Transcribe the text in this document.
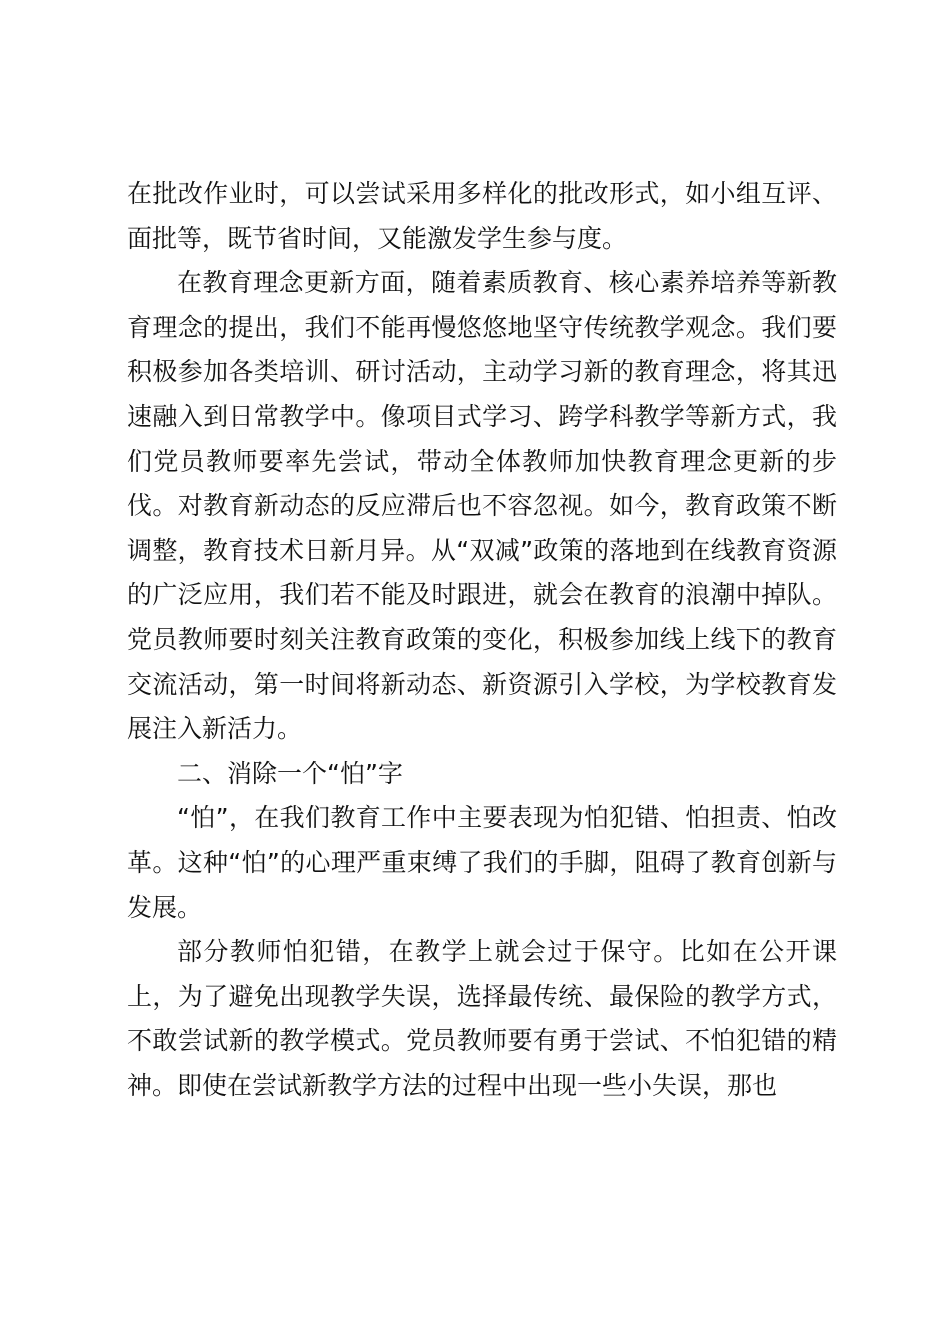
在批改作业时，可以尝试采用多样化的批改形式，如小组互评、面批等，既节省时间，又能激发学生参与度。

在教育理念更新方面，随着素质教育、核心素养培养等新教育理念的提出，我们不能再慢悠悠地坚守传统教学观念。我们要积极参加各类培训、研讨活动，主动学习新的教育理念，将其迅速融入到日常教学中。像项目式学习、跨学科教学等新方式，我们党员教师要率先尝试，带动全体教师加快教育理念更新的步伐。对教育新动态的反应滞后也不容忽视。如今，教育政策不断调整，教育技术日新月异。从“双减”政策的落地到在线教育资源的广泛应用，我们若不能及时跟进，就会在教育的浪潮中掉队。党员教师要时刻关注教育政策的变化，积极参加线上线下的教育交流活动，第一时间将新动态、新资源引入学校，为学校教育发展注入新活力。

二、消除一个“怕”字

“怕”，在我们教育工作中主要表现为怕犯错、怕担责、怕改革。这种“怕”的心理严重束缚了我们的手脚，阻碍了教育创新与发展。

部分教师怕犯错，在教学上就会过于保守。比如在公开课上，为了避免出现教学失误，选择最传统、最保险的教学方式，不敢尝试新的教学模式。党员教师要有勇于尝试、不怕犯错的精神。即使在尝试新教学方法的过程中出现一些小失误，那也
